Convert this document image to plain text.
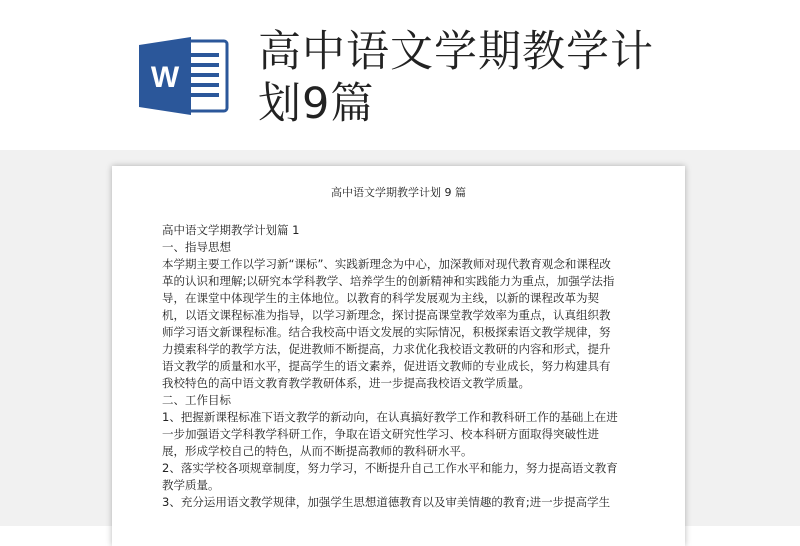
W
高中语文学期教学计划9篇
高中语文学期教学计划 9 篇

高中语文学期教学计划篇 1

一、指导思想

本学期主要工作以学习新“课标”、实践新理念为中心，加深教师对现代教育观念和课程改

革的认识和理解;以研究本学科教学、培养学生的创新精神和实践能力为重点，加强学法指

导，在课堂中体现学生的主体地位。以教育的科学发展观为主线，以新的课程改革为契

机，以语文课程标准为指导，以学习新理念，探讨提高课堂教学效率为重点，认真组织教

师学习语文新课程标准。结合我校高中语文发展的实际情况，积极探索语文教学规律，努

力摸索科学的教学方法，促进教师不断提高，力求优化我校语文教研的内容和形式，提升

语文教学的质量和水平，提高学生的语文素养，促进语文教师的专业成长，努力构建具有

我校特色的高中语文教育教学教研体系，进一步提高我校语文教学质量。

二、工作目标

1、把握新课程标准下语文教学的新动向，在认真搞好教学工作和教科研工作的基础上在进

一步加强语文学科教学科研工作，争取在语文研究性学习、校本科研方面取得突破性进

展，形成学校自己的特色，从而不断提高教师的教科研水平。

2、落实学校各项规章制度，努力学习，不断提升自己工作水平和能力，努力提高语文教育

教学质量。

3、充分运用语文教学规律，加强学生思想道德教育以及审美情趣的教育;进一步提高学生
